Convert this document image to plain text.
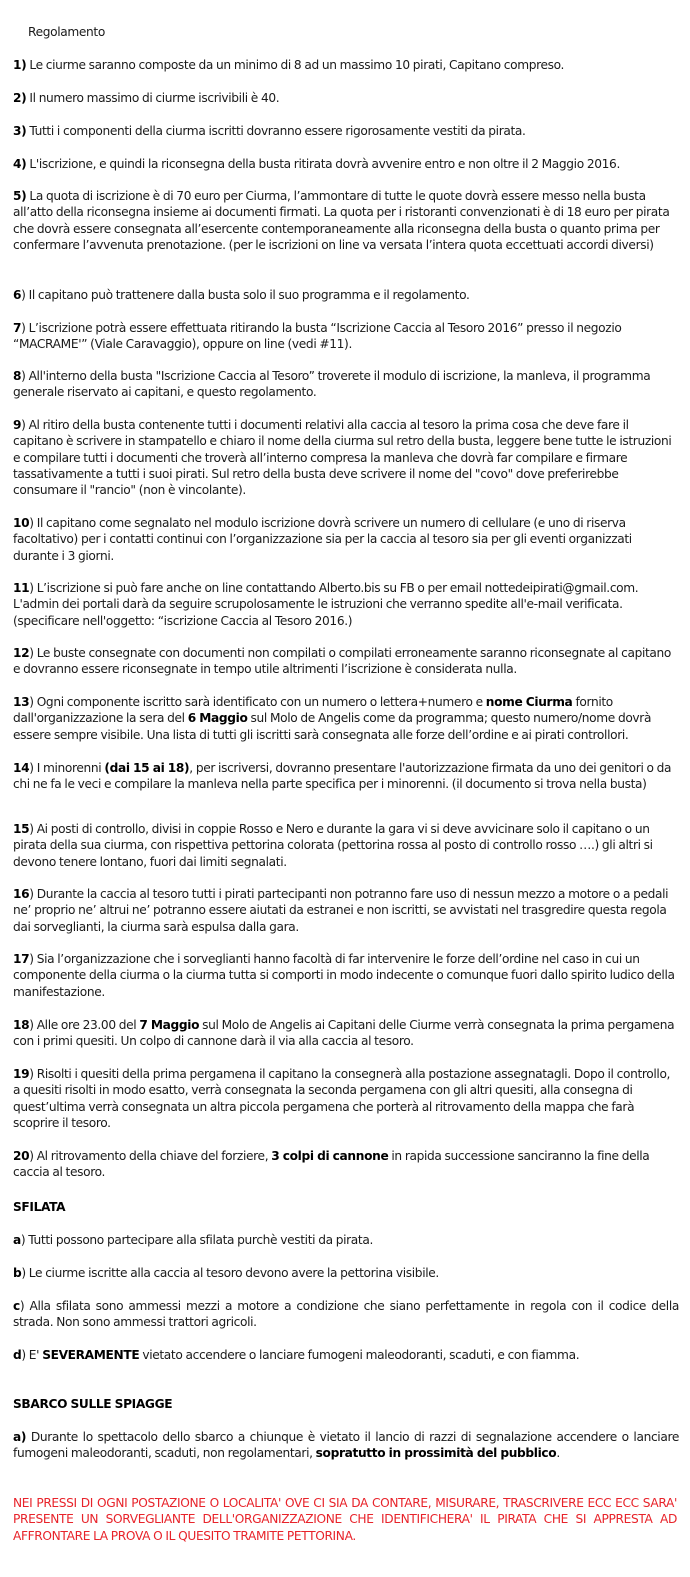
Regolamento

1) Le ciurme saranno composte da un minimo di 8 ad un massimo 10 pirati, Capitano compreso.

2) Il numero massimo di ciurme iscrivibili è 40.

3) Tutti i componenti della ciurma iscritti dovranno essere rigorosamente vestiti da pirata.

4) L'iscrizione, e quindi la riconsegna della busta ritirata dovrà avvenire entro e non oltre il 2 Maggio 2016.

5) La quota di iscrizione è di 70 euro per Ciurma, l’ammontare di tutte le quote dovrà essere messo nella busta all’atto della riconsegna insieme ai documenti firmati. La quota per i ristoranti convenzionati è di 18 euro per pirata che dovrà essere consegnata all’esercente contemporaneamente alla riconsegna della busta o quanto prima per confermare l’avvenuta prenotazione. (per le iscrizioni on line va versata l’intera quota eccettuati accordi diversi)

6) Il capitano può trattenere dalla busta solo il suo programma e il regolamento.

7) L’iscrizione potrà essere effettuata ritirando la busta “Iscrizione Caccia al Tesoro 2016” presso il negozio “MACRAME'” (Viale Caravaggio), oppure on line (vedi #11).

8) All'interno della busta "Iscrizione Caccia al Tesoro” troverete il modulo di iscrizione, la manleva, il programma generale riservato ai capitani, e questo regolamento.

9) Al ritiro della busta contenente tutti i documenti relativi alla caccia al tesoro la prima cosa che deve fare il capitano è scrivere in stampatello e chiaro il nome della ciurma sul retro della busta, leggere bene tutte le istruzioni e compilare tutti i documenti che troverà all’interno compresa la manleva che dovrà far compilare e firmare tassativamente a tutti i suoi pirati. Sul retro della busta deve scrivere il nome del "covo" dove preferirebbe consumare il "rancio" (non è vincolante).

10) Il capitano come segnalato nel modulo iscrizione dovrà scrivere un numero di cellulare (e uno di riserva facoltativo) per i contatti continui con l’organizzazione sia per la caccia al tesoro sia per gli eventi organizzati durante i 3 giorni.

11) L’iscrizione si può fare anche on line contattando Alberto.bis su FB o per email nottedeipirati@gmail.com. L'admin dei portali darà da seguire scrupolosamente le istruzioni che verranno spedite all'e-mail verificata. (specificare nell'oggetto: “iscrizione Caccia al Tesoro 2016.)

12) Le buste consegnate con documenti non compilati o compilati erroneamente saranno riconsegnate al capitano e dovranno essere riconsegnate in tempo utile altrimenti l’iscrizione è considerata nulla.

13) Ogni componente iscritto sarà identificato con un numero o lettera+numero e nome Ciurma fornito dall'organizzazione la sera del 6 Maggio sul Molo de Angelis come da programma; questo numero/nome dovrà essere sempre visibile. Una lista di tutti gli iscritti sarà consegnata alle forze dell’ordine e ai pirati controllori.

14) I minorenni (dai 15 ai 18), per iscriversi, dovranno presentare l'autorizzazione firmata da uno dei genitori o da chi ne fa le veci e compilare la manleva nella parte specifica per i minorenni. (il documento si trova nella busta)

15) Ai posti di controllo, divisi in coppie Rosso e Nero e durante la gara vi si deve avvicinare solo il capitano o un pirata della sua ciurma, con rispettiva pettorina colorata (pettorina rossa al posto di controllo rosso ….) gli altri si devono tenere lontano, fuori dai limiti segnalati.

16) Durante la caccia al tesoro tutti i pirati partecipanti non potranno fare uso di nessun mezzo a motore o a pedali ne’ proprio ne’ altrui ne’ potranno essere aiutati da estranei e non iscritti, se avvistati nel trasgredire questa regola dai sorveglianti, la ciurma sarà espulsa dalla gara.

17) Sia l’organizzazione che i sorveglianti hanno facoltà di far intervenire le forze dell’ordine nel caso in cui un componente della ciurma o la ciurma tutta si comporti in modo indecente o comunque fuori dallo spirito ludico della manifestazione.

18) Alle ore 23.00 del 7 Maggio sul Molo de Angelis ai Capitani delle Ciurme verrà consegnata la prima pergamena con i primi quesiti. Un colpo di cannone darà il via alla caccia al tesoro.

19) Risolti i quesiti della prima pergamena il capitano la consegnerà alla postazione assegnatagli. Dopo il controllo, a quesiti risolti in modo esatto, verrà consegnata la seconda pergamena con gli altri quesiti, alla consegna di quest’ultima verrà consegnata un altra piccola pergamena che porterà al ritrovamento della mappa che farà scoprire il tesoro.

20) Al ritrovamento della chiave del forziere, 3 colpi di cannone in rapida successione sanciranno la fine della caccia al tesoro.

SFILATA

a) Tutti possono partecipare alla sfilata purchè vestiti da pirata.

b) Le ciurme iscritte alla caccia al tesoro devono avere la pettorina visibile.

c) Alla sfilata sono ammessi mezzi a motore a condizione che siano perfettamente in regola con il codice della strada. Non sono ammessi trattori agricoli.

d) E' SEVERAMENTE vietato accendere o lanciare fumogeni maleodoranti, scaduti, e con fiamma.

SBARCO SULLE SPIAGGE

a) Durante lo spettacolo dello sbarco a chiunque è vietato il lancio di razzi di segnalazione accendere o lanciare fumogeni maleodoranti, scaduti, non regolamentari, sopratutto in prossimità del pubblico.

NEI PRESSI DI OGNI POSTAZIONE O LOCALITA' OVE CI SIA DA CONTARE, MISURARE, TRASCRIVERE ECC ECC SARA' PRESENTE UN SORVEGLIANTE DELL'ORGANIZZAZIONE CHE IDENTIFICHERA' IL PIRATA CHE SI APPRESTA AD AFFRONTARE LA PROVA O IL QUESITO TRAMITE PETTORINA.
